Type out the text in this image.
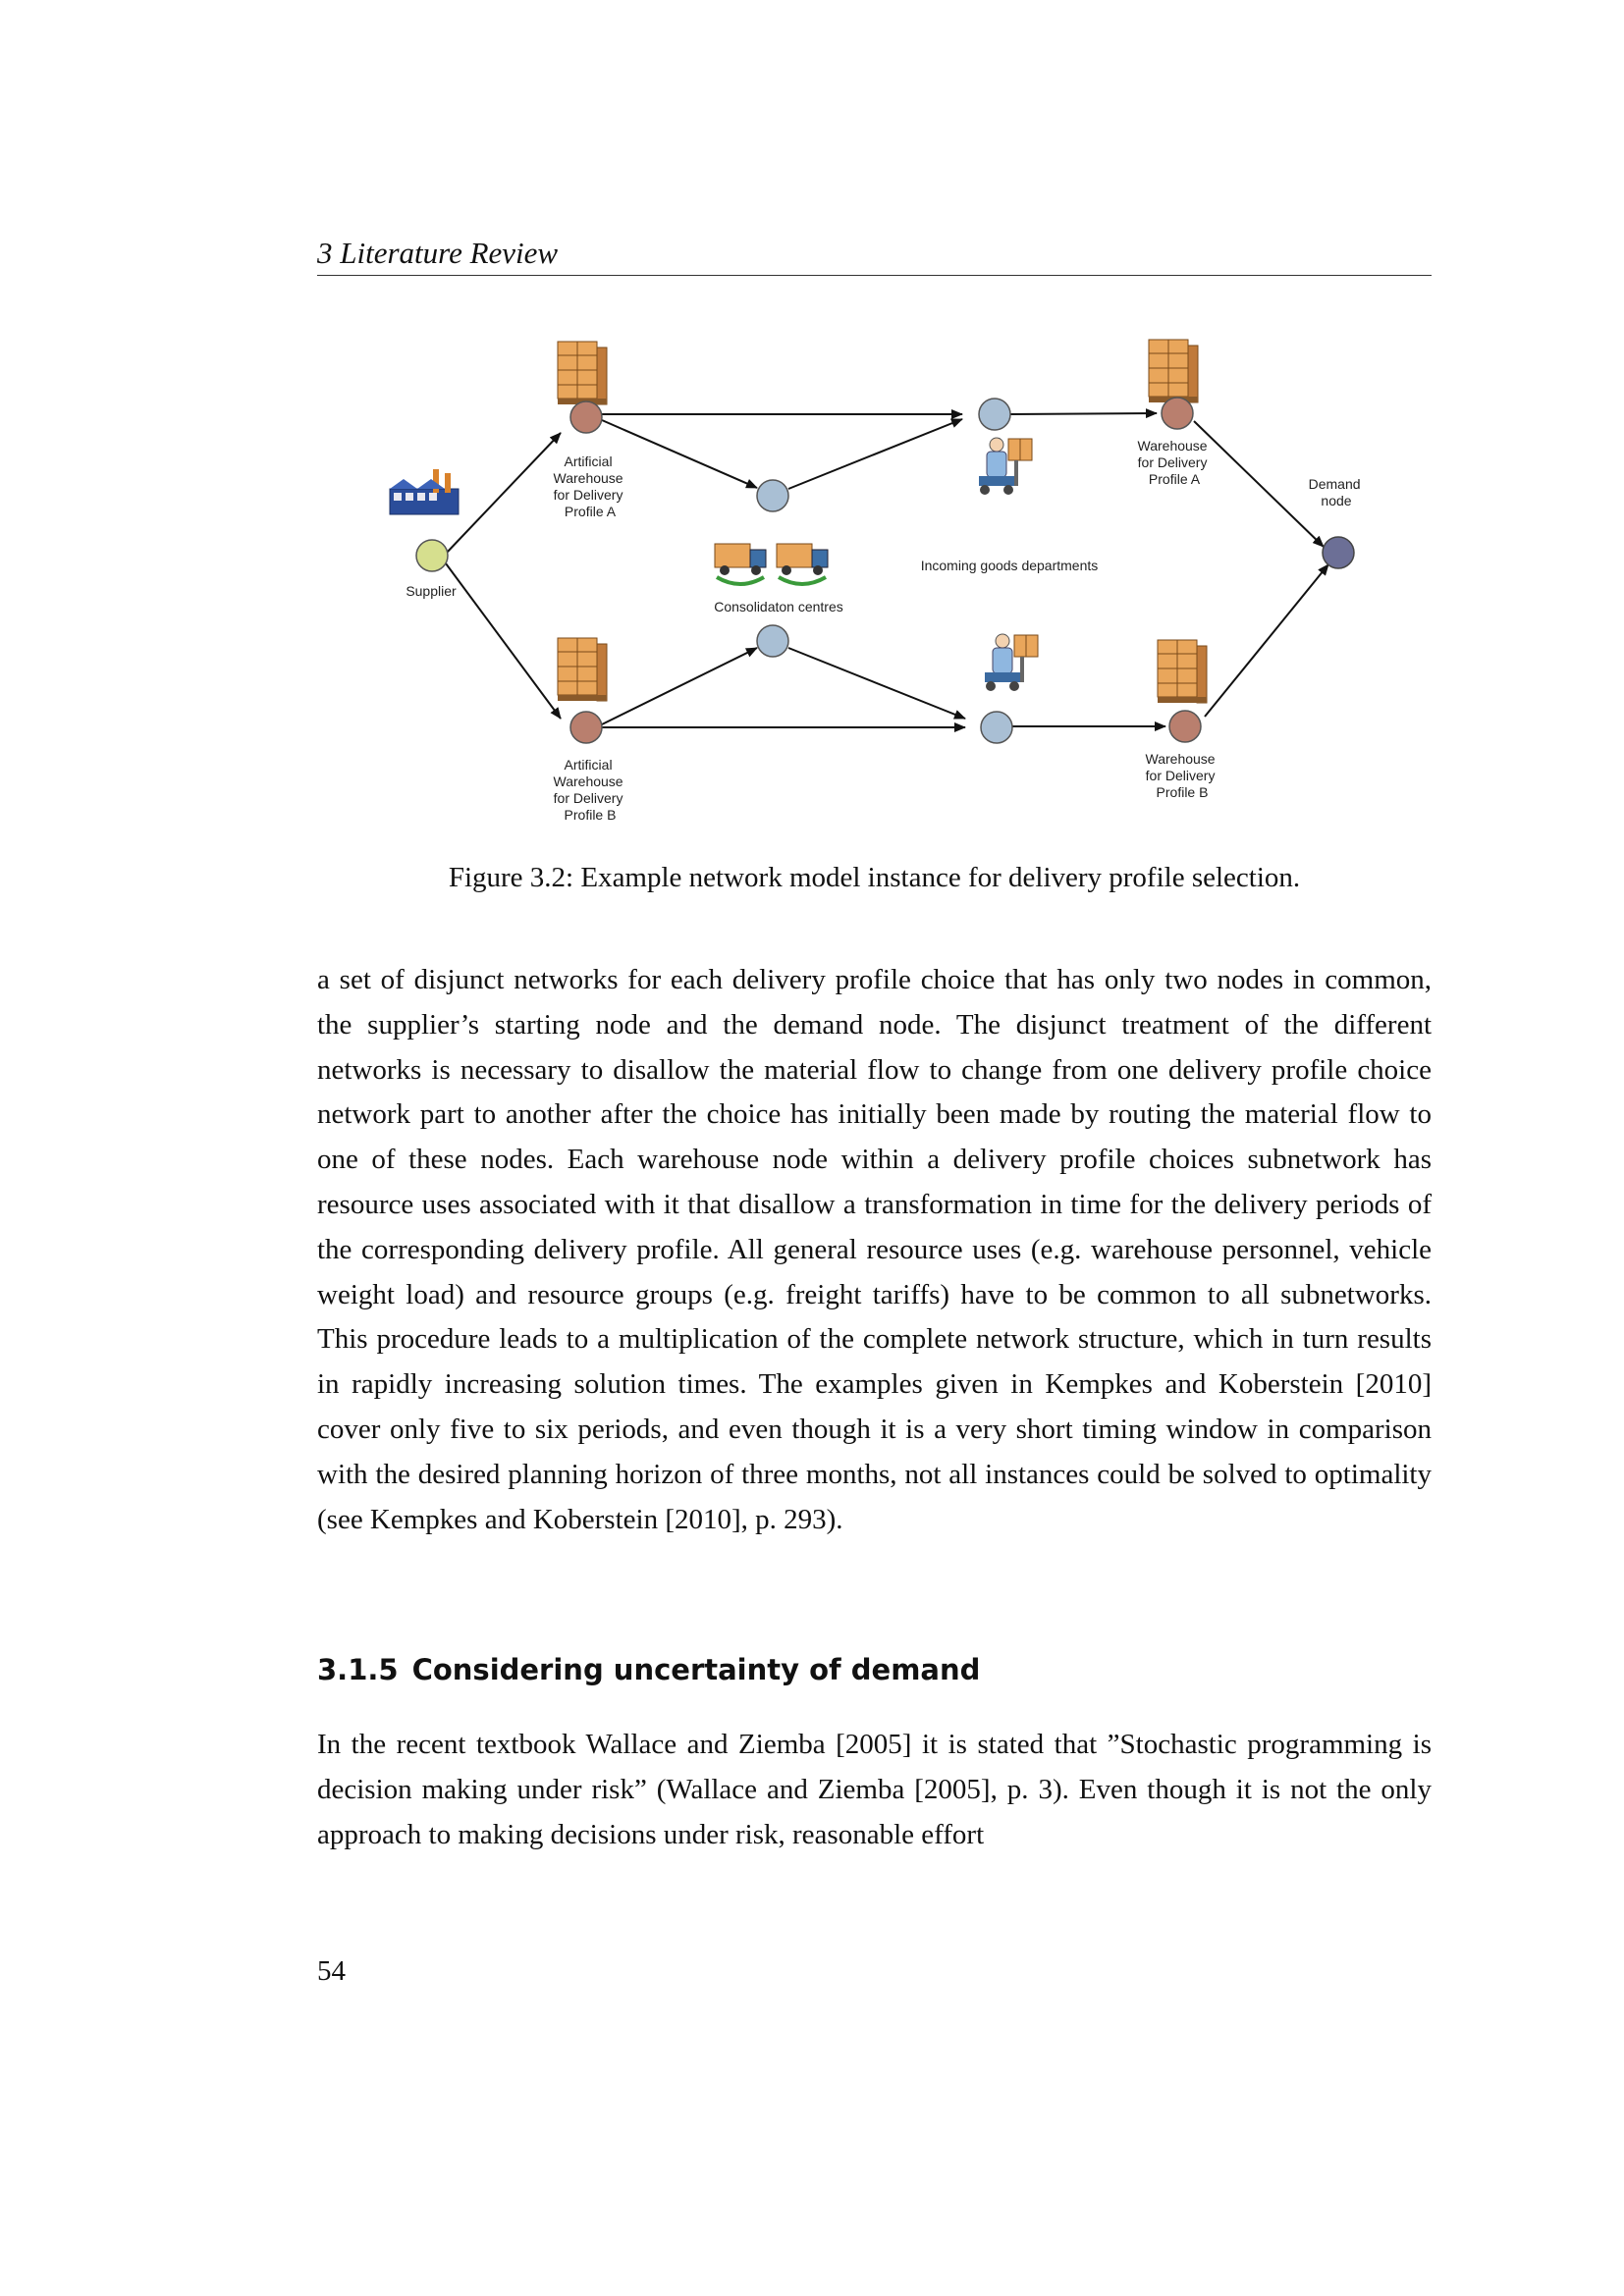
3 Literature Review
Supplier
Artificial Warehouse for Delivery Profile A
Artificial Warehouse for Delivery Profile B
Warehouse for Delivery Profile A
Warehouse for Delivery Profile B
Demand node
Consolidaton centres
Incoming goods departments
Figure 3.2: Example network model instance for delivery profile selection.

a set of disjunct networks for each delivery profile choice that has only two nodes in common, the supplier’s starting node and the demand node. The disjunct treatment of the different networks is necessary to disallow the material flow to change from one delivery profile choice network part to another after the choice has initially been made by routing the material flow to one of these nodes. Each warehouse node within a delivery profile choices subnetwork has resource uses associated with it that disallow a transformation in time for the delivery periods of the corresponding delivery profile. All general resource uses (e.g. warehouse personnel, vehicle weight load) and resource groups (e.g. freight tariffs) have to be common to all subnetworks. This procedure leads to a multiplication of the complete network structure, which in turn results in rapidly increasing solution times. The examples given in Kempkes and Koberstein [2010] cover only five to six periods, and even though it is a very short timing window in comparison with the desired planning horizon of three months, not all instances could be solved to optimality (see Kempkes and Koberstein [2010], p. 293).

3.1.5 Considering uncertainty of demand

In the recent textbook Wallace and Ziemba [2005] it is stated that ”Stochastic programming is decision making under risk” (Wallace and Ziemba [2005], p. 3). Even though it is not the only approach to making decisions under risk, reasonable effort

54
